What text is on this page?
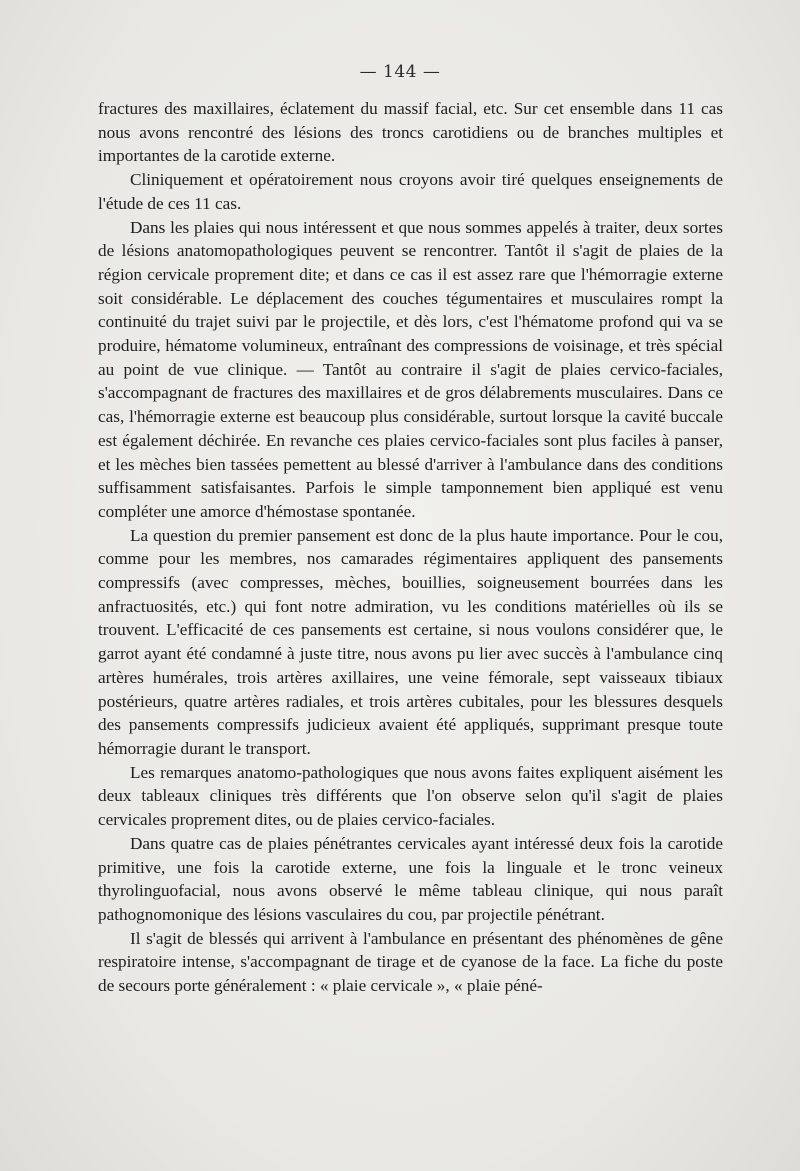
— 144 —

fractures des maxillaires, éclatement du massif facial, etc. Sur cet ensemble dans 11 cas nous avons rencontré des lésions des troncs carotidiens ou de branches multiples et importantes de la carotide externe.

Cliniquement et opératoirement nous croyons avoir tiré quelques enseignements de l'étude de ces 11 cas.

Dans les plaies qui nous intéressent et que nous sommes appelés à traiter, deux sortes de lésions anatomopathologiques peuvent se rencontrer. Tantôt il s'agit de plaies de la région cervicale proprement dite; et dans ce cas il est assez rare que l'hémorragie externe soit considérable. Le déplacement des couches tégumentaires et musculaires rompt la continuité du trajet suivi par le projectile, et dès lors, c'est l'hématome profond qui va se produire, hématome volumineux, entraînant des compressions de voisinage, et très spécial au point de vue clinique. — Tantôt au contraire il s'agit de plaies cervico-faciales, s'accompagnant de fractures des maxillaires et de gros délabrements musculaires. Dans ce cas, l'hémorragie externe est beaucoup plus considérable, surtout lorsque la cavité buccale est également déchirée. En revanche ces plaies cervico-faciales sont plus faciles à panser, et les mèches bien tassées pemettent au blessé d'arriver à l'ambulance dans des conditions suffisamment satisfaisantes. Parfois le simple tamponnement bien appliqué est venu compléter une amorce d'hémostase spontanée.

La question du premier pansement est donc de la plus haute importance. Pour le cou, comme pour les membres, nos camarades régimentaires appliquent des pansements compressifs (avec compresses, mèches, bouillies, soigneusement bourrées dans les anfractuosités, etc.) qui font notre admiration, vu les conditions matérielles où ils se trouvent. L'efficacité de ces pansements est certaine, si nous voulons considérer que, le garrot ayant été condamné à juste titre, nous avons pu lier avec succès à l'ambulance cinq artères humérales, trois artères axillaires, une veine fémorale, sept vaisseaux tibiaux postérieurs, quatre artères radiales, et trois artères cubitales, pour les blessures desquels des pansements compressifs judicieux avaient été appliqués, supprimant presque toute hémorragie durant le transport.

Les remarques anatomo-pathologiques que nous avons faites expliquent aisément les deux tableaux cliniques très différents que l'on observe selon qu'il s'agit de plaies cervicales proprement dites, ou de plaies cervico-faciales.

Dans quatre cas de plaies pénétrantes cervicales ayant intéressé deux fois la carotide primitive, une fois la carotide externe, une fois la linguale et le tronc veineux thyrolinguofacial, nous avons observé le même tableau clinique, qui nous paraît pathognomonique des lésions vasculaires du cou, par projectile pénétrant.

Il s'agit de blessés qui arrivent à l'ambulance en présentant des phénomènes de gêne respiratoire intense, s'accompagnant de tirage et de cyanose de la face. La fiche du poste de secours porte généralement : « plaie cervicale », « plaie péné-
